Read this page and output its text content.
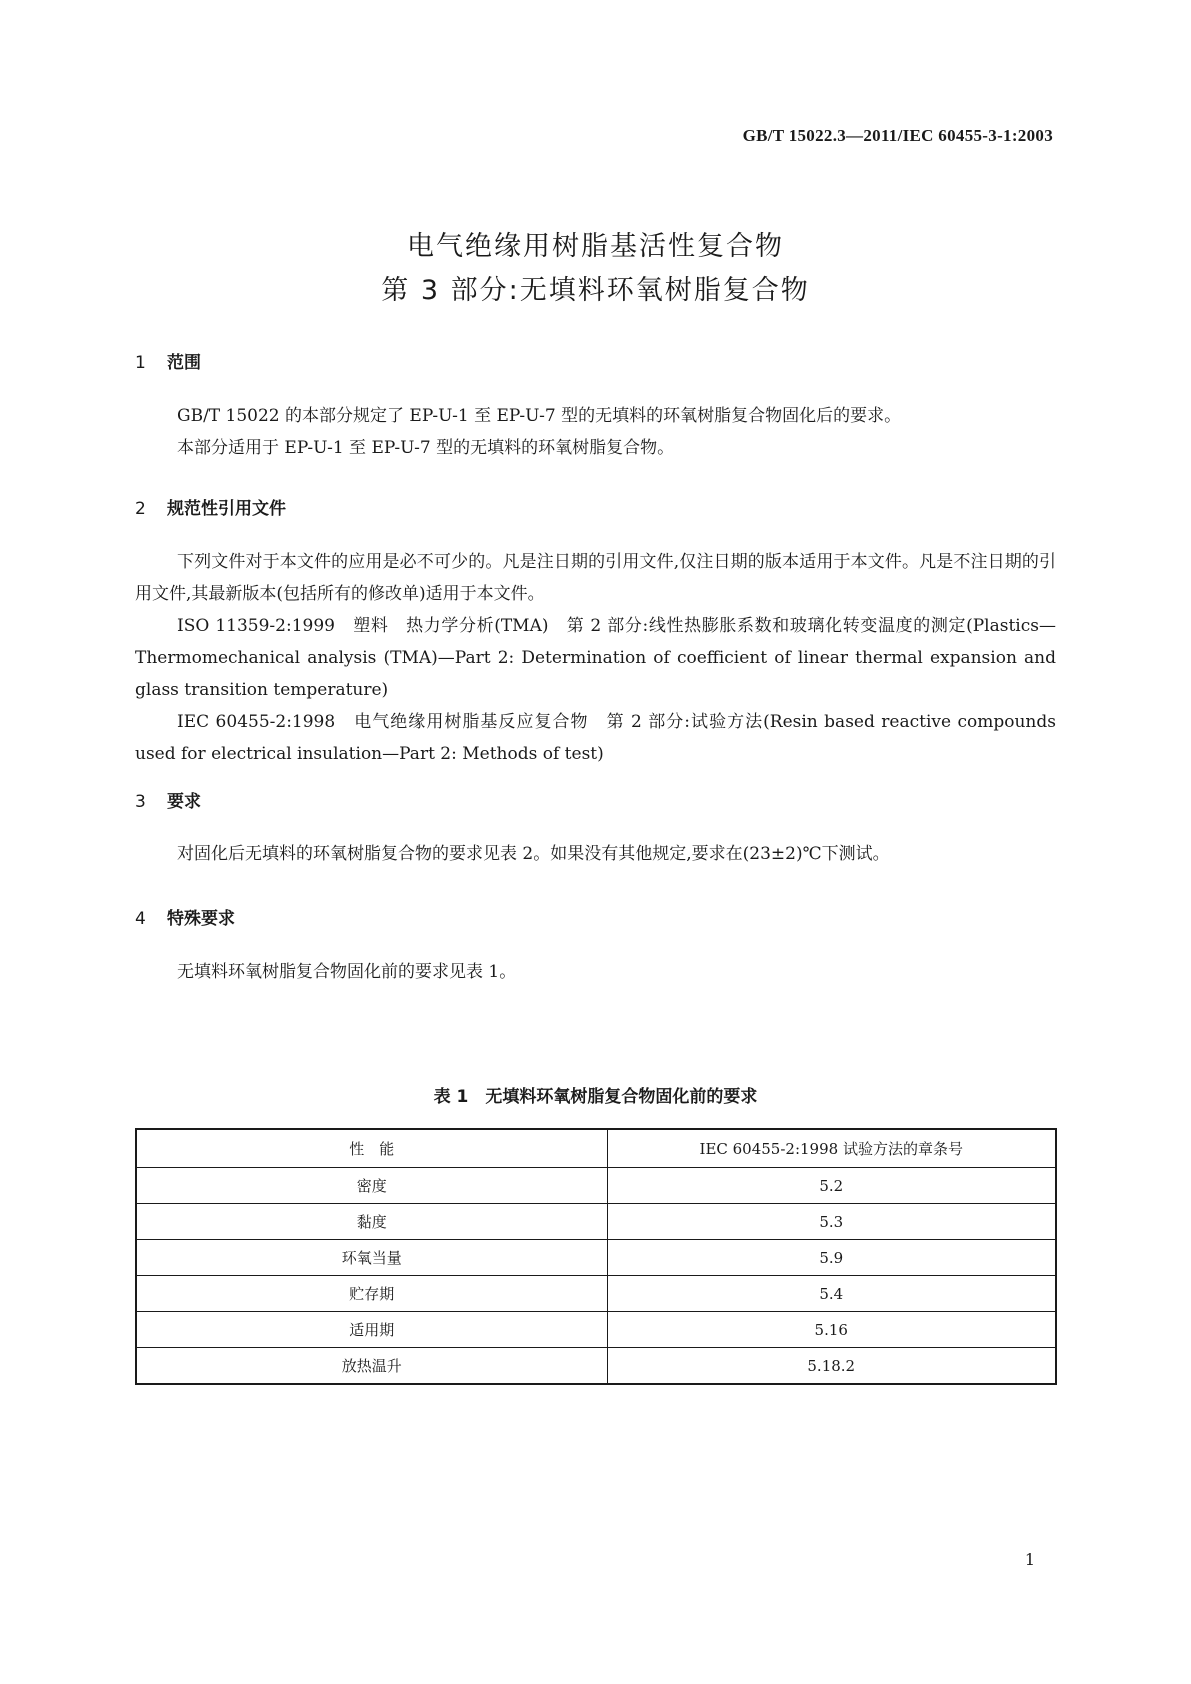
GB/T 15022.3—2011/IEC 60455-3-1:2003
电气绝缘用树脂基活性复合物
第 3 部分:无填料环氧树脂复合物
1 范围

GB/T 15022 的本部分规定了 EP-U-1 至 EP-U-7 型的无填料的环氧树脂复合物固化后的要求。

本部分适用于 EP-U-1 至 EP-U-7 型的无填料的环氧树脂复合物。

2 规范性引用文件

下列文件对于本文件的应用是必不可少的。凡是注日期的引用文件,仅注日期的版本适用于本文件。凡是不注日期的引用文件,其最新版本(包括所有的修改单)适用于本文件。

ISO 11359-2:1999　塑料　热力学分析(TMA)　第 2 部分:线性热膨胀系数和玻璃化转变温度的测定(Plastics—Thermomechanical analysis (TMA)—Part 2: Determination of coefficient of linear thermal expansion and glass transition temperature)

IEC 60455-2:1998　电气绝缘用树脂基反应复合物　第 2 部分:试验方法(Resin based reactive compounds used for electrical insulation—Part 2: Methods of test)

3 要求

对固化后无填料的环氧树脂复合物的要求见表 2。如果没有其他规定,要求在(23±2)℃下测试。

4 特殊要求

无填料环氧树脂复合物固化前的要求见表 1。

表 1　无填料环氧树脂复合物固化前的要求
性　能	IEC 60455-2:1998 试验方法的章条号
密度	5.2
黏度	5.3
环氧当量	5.9
贮存期	5.4
适用期	5.16
放热温升	5.18.2
1
